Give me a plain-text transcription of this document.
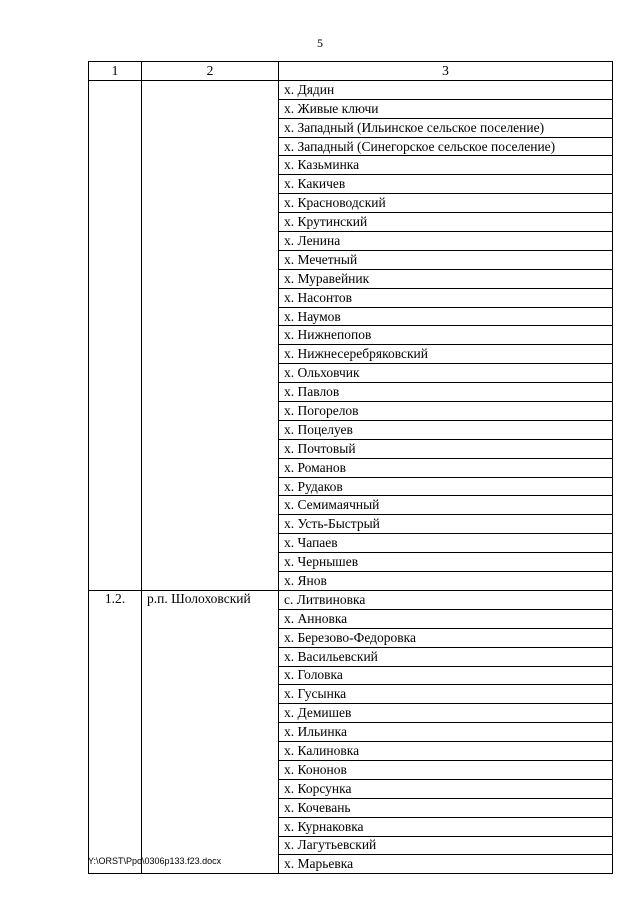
5
1	2	3
		х. Дядин
		х. Живые ключи
		х. Западный (Ильинское сельское поселение)
		х. Западный (Синегорское сельское поселение)
		х. Казьминка
		х. Какичев
		х. Красноводский
		х. Крутинский
		х. Ленина
		х. Мечетный
		х. Муравейник
		х. Насонтов
		х. Наумов
		х. Нижнепопов
		х. Нижнесеребряковский
		х. Ольховчик
		х. Павлов
		х. Погорелов
		х. Поцелуев
		х. Почтовый
		х. Романов
		х. Рудаков
		х. Семимаячный
		х. Усть-Быстрый
		х. Чапаев
		х. Чернышев
		х. Янов
1.2.	р.п. Шолоховский	с. Литвиновка
		х. Анновка
		х. Березово-Федоровка
		х. Васильевский
		х. Головка
		х. Гусынка
		х. Демишев
		х. Ильинка
		х. Калиновка
		х. Кононов
		х. Корсунка
		х. Кочевань
		х. Курнаковка
		х. Лагутьевский
		х. Марьевка
Y:\ORST\Ppo\0306p133.f23.docx
